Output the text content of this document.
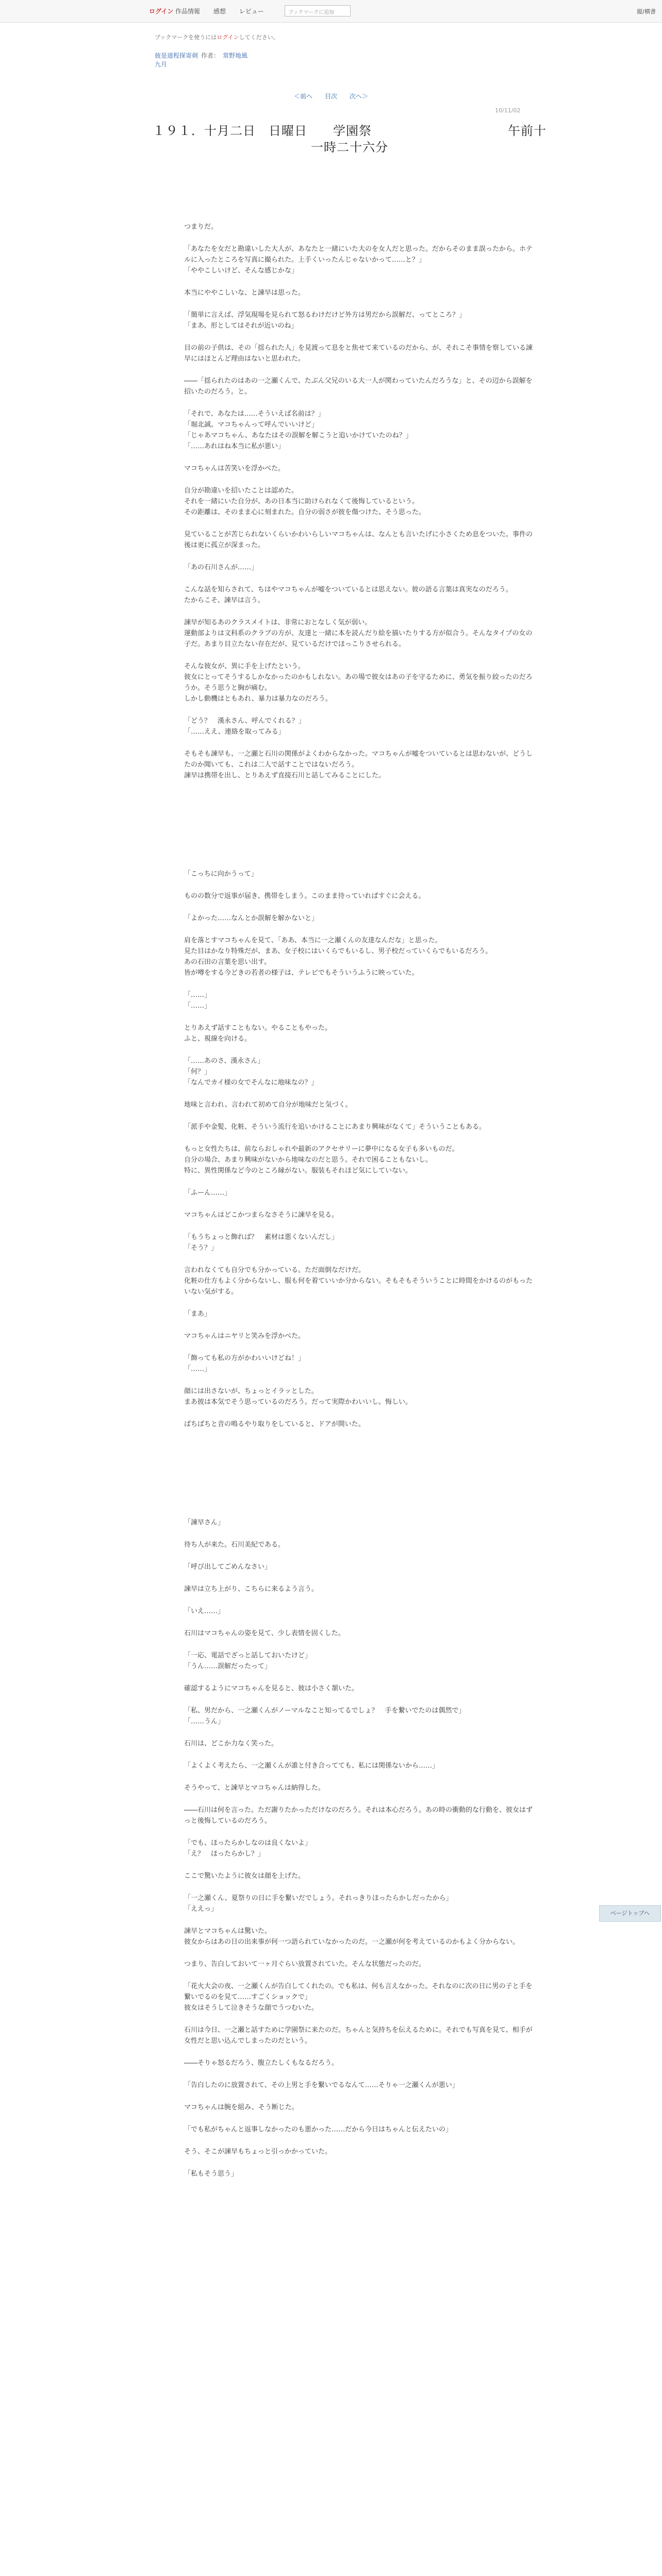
ログイン 作品情報 感想 レビュー	ブックマークに追加	縦/横書
ブックマークを使うにはログインしてください。
彼是道程探寄剣 作者： 常野地風
九月
＜前へ 目次 次へ＞
10/11/02
１９１．十月二日　日曜日　　学園祭	午前十
一時二十六分

つまりだ。

「あなたを女だと勘違いした大人が、あなたと一緒にいた大のを女人だと思った。だからそのまま誤ったから。ホテルに入ったところを写真に撮られた。上手くいったんじゃないかって……と？」
「ややこしいけど、そんな感じかな」

本当にややこしいな、と諫早は思った。

「簡単に言えば、浮気現場を見られて怒るわけだけど外方は男だから誤解だ、ってところ？」
「まあ、形としてはそれが近いのね」

目の前の子供は、その「揺られた人」を見渡って息をと焦せて来ているのだから、が、それこそ事情を察している諫早にはほとんど理由はないと思われた。

――「揺られたのはあの一之瀬くんで、たぶん父兄のいる大一人が関わっていたんだろうな」と、その辺から誤解を招いたのだろう。と。

「それで、あなたは……そういえば名前は？」
「堀北誠。マコちゃんって呼んでいいけど」
「じゃあマコちゃん、あなたはその誤解を解こうと追いかけていたのね？」
「……あれはね本当に私が悪い」

マコちゃんは苦笑いを浮かべた。

自分が勘違いを招いたことは認めた。
それを一緒にいた自分が、あの日本当に助けられなくて後悔しているという。
その距離は、そのまま心に刻まれた。自分の弱さが彼を傷つけた、そう思った。

見ていることが苦じられないくらいかわいらしいマコちゃんは、なんとも言いたげに小さくため息をついた。事件の後は更に孤立が深まった。

「あの石川さんが……」

こんな話を知らされて、ちはやマコちゃんが嘘をついているとは思えない。彼の語る言葉は真実なのだろう。
たからこそ、諫早は言う。

諫早が知るあのクラスメイトは、非常におとなしく気が弱い。
運動部よりは文科系のクラブの方が、友達と一緒に本を読んだり絵を描いたりする方が似合う。そんなタイプの女の子だ。あまり目立たない存在だが、見ているだけでほっこりさせられる。

そんな彼女が、異に手を上げたという。
彼女にとってそうするしかなかったのかもしれない。あの場で彼女はあの子を守るために、勇気を振り絞ったのだろうか。そう思うと胸が痛む。
しかし動機はともあれ、暴力は暴力なのだろう。

「どう？　漢永さん、呼んでくれる？」
「……ええ、連絡を取ってみる」

そもそも諫早も、一之瀬と石川の関係がよくわからなかった。マコちゃんが嘘をついているとは思わないが、どうしたのか聞いても、これは二人で話すことではないだろう。
諫早は携帯を出し、とりあえず直接石川と話してみることにした。

「こっちに向かうって」

ものの数分で返事が届き、携帯をしまう。このまま待っていればすぐに会える。

「よかった……なんとか誤解を解かないと」

肩を落とすマコちゃんを見て、「ああ、本当に一之瀬くんの友達なんだな」と思った。
見た目はかなり特殊だが、まあ、女子校にはいくらでもいるし、男子校だっていくらでもいるだろう。
あの石田の言葉を思い出す。
皆が噂をする今どきの若者の様子は、テレビでもそういうふうに映っていた。

「……」
「……」

とりあえず話すこともない。やることもやった。
ふと、視線を向ける。

「……あのさ、漢永さん」
「何？」
「なんでカイ様の女でそんなに地味なの？」

地味と言われ、言われて初めて自分が地味だと気づく。

「派手や金髪、化粧、そういう流行を追いかけることにあまり興味がなくて」そういうこともある。

もっと女性たちは、前ならおしゃれや最新のアクセサリーに夢中になる女子も多いものだ。
自分の場合、あまり興味がないから地味なのだと思う。それで困ることもないし。
特に、異性関係など今のところ縁がない。服装もそれほど気にしていない。

「ふーん……」

マコちゃんはどこかつまらなさそうに諫早を見る。

「もうちょっと飾れば？　素材は悪くないんだし」
「そう？」

言われなくても自分でも分かっている。ただ面倒なだけだ。
化粧の仕方もよく分からないし、服も何を着ていいか分からない。そもそもそういうことに時間をかけるのがもったいない気がする。

「まあ」

マコちゃんはニヤリと笑みを浮かべた。

「飾っても私の方がかわいいけどね！」
「……」

顔には出さないが、ちょっとイラッとした。
まあ彼は本気でそう思っているのだろう。だって実際かわいいし。悔しい。

ばちばちと音の鳴るやり取りをしていると、ドアが開いた。

「諫早さん」

待ち人が来た。石川美紀である。

「呼び出してごめんなさい」

諫早は立ち上がり、こちらに来るよう言う。

「いえ……」

石川はマコちゃんの姿を見て、少し表情を固くした。

「一応、電話でざっと話しておいたけど」
「うん……誤解だったって」

確認するようにマコちゃんを見ると、彼は小さく頷いた。

「私、男だから、一之瀬くんがノーマルなこと知ってるでしょ？　手を繋いでたのは偶然で」
「……うん」

石川は、どこか力なく笑った。

「よくよく考えたら、一之瀬くんが誰と付き合ってても、私には関係ないから……」

そうやって、と諫早とマコちゃんは納得した。

――石川は何を言った。ただ謝りたかっただけなのだろう。それは本心だろう。あの時の衝動的な行動を、彼女はずっと後悔しているのだろう。

「でも、ほったらかしなのは良くないよ」
「え？　ほったらかし？」

ここで驚いたように彼女は顔を上げた。

「一之瀬くん、夏祭りの日に手を繋いだでしょう。それっきりほったらかしだったから」
「ええっ」

諫早とマコちゃんは驚いた。
彼女からはあの日の出来事が何一つ語られていなかったのだ。一之瀬が何を考えているのかもよく分からない。

つまり、告白しておいて一ヶ月ぐらい放置されていた。そんな状態だったのだ。

「花火大会の夜、一之瀬くんが告白してくれたの。でも私は、何も言えなかった。それなのに次の日に男の子と手を繋いでるのを見て……すごくショックで」
彼女はそうして泣きそうな顔でうつむいた。

石川は今日、一之瀬と話すために学園祭に来たのだ。ちゃんと気持ちを伝えるために。それでも写真を見て、相手が女性だと思い込んでしまったのだという。

――そりゃ怒るだろう、腹立たしくもなるだろう。

「告白したのに放置されて、その上男と手を繋いでるなんて……そりゃ一之瀬くんが悪い」

マコちゃんは腕を組み、そう断じた。

「でも私がちゃんと返事しなかったのも悪かった……だから今日はちゃんと伝えたいの」

そう、そこが諫早もちょっと引っかかっていた。

「私もそう思う」

ページトップへ
